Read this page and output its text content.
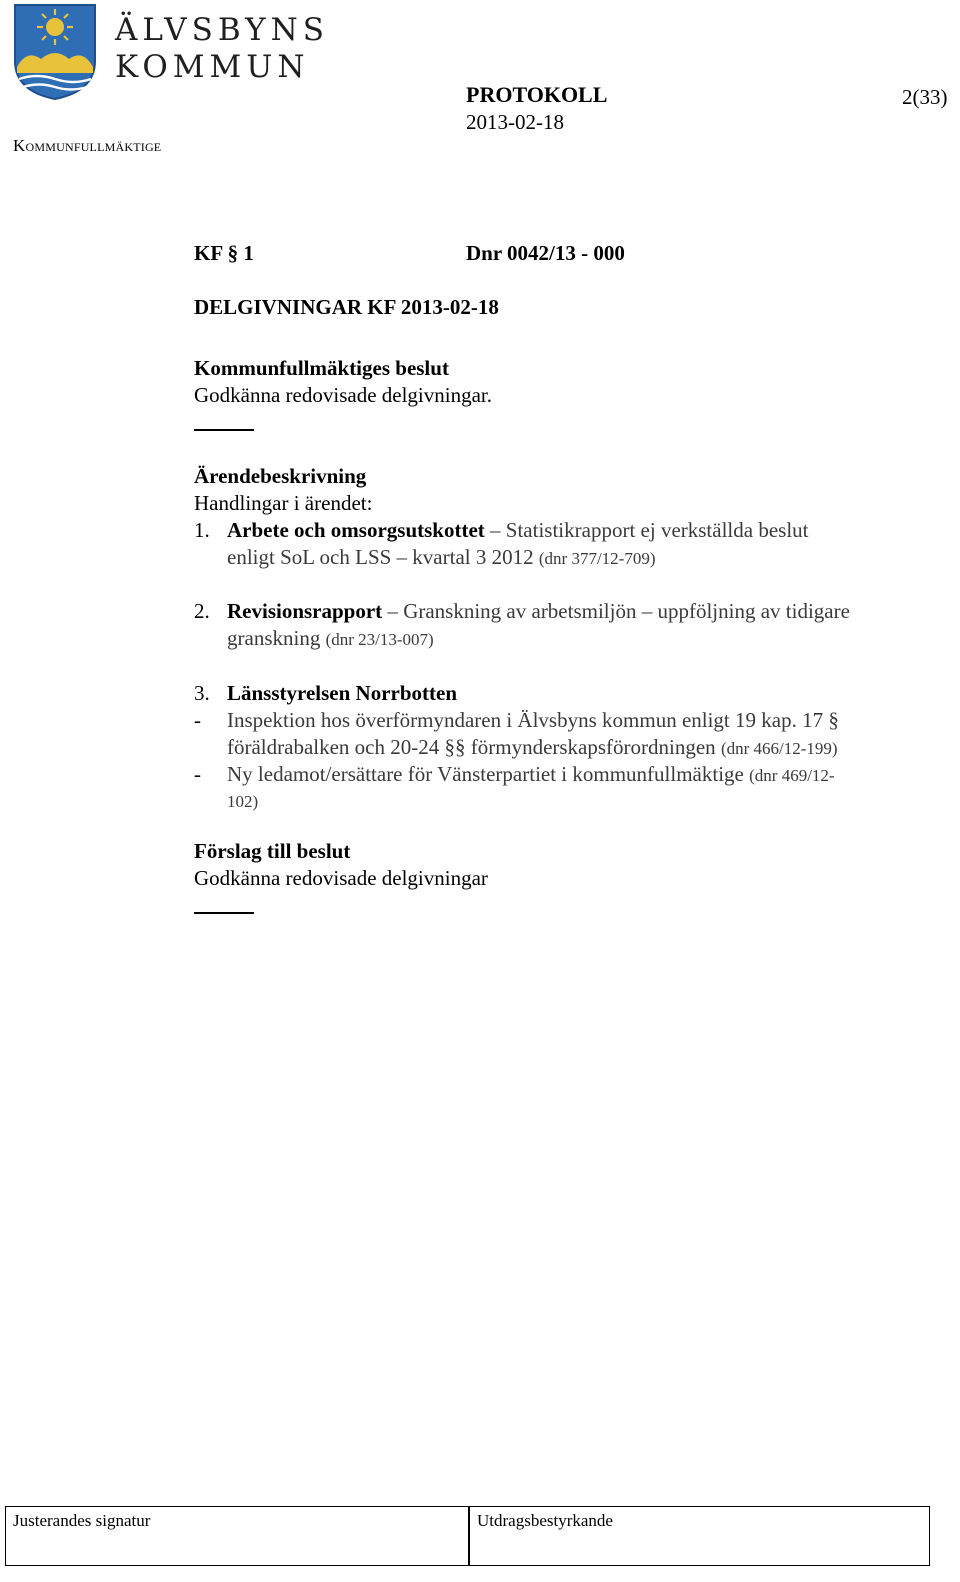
ÄLVSBYNS
KOMMUN
Kommunfullmäktige
PROTOKOLL
2013-02-18
2(33)
KF § 1	Dnr 0042/13 - 000
DELGIVNINGAR KF 2013-02-18
Kommunfullmäktiges beslut
Godkänna redovisade delgivningar.
Ärendebeskrivning
Handlingar i ärendet:
1. Arbete och omsorgsutskottet – Statistikrapport ej verkställda beslut
enligt SoL och LSS – kvartal 3 2012 (dnr 377/12-709)
2. Revisionsrapport – Granskning av arbetsmiljön – uppföljning av tidigare
granskning (dnr 23/13-007)
3. Länsstyrelsen Norrbotten
- Inspektion hos överförmyndaren i Älvsbyns kommun enligt 19 kap. 17 §
föräldrabalken och 20-24 §§ förmynderskapsförordningen (dnr 466/12-199)
- Ny ledamot/ersättare för Vänsterpartiet i kommunfullmäktige (dnr 469/12-
102)
Förslag till beslut
Godkänna redovisade delgivningar
Justerandes signatur	Utdragsbestyrkande
